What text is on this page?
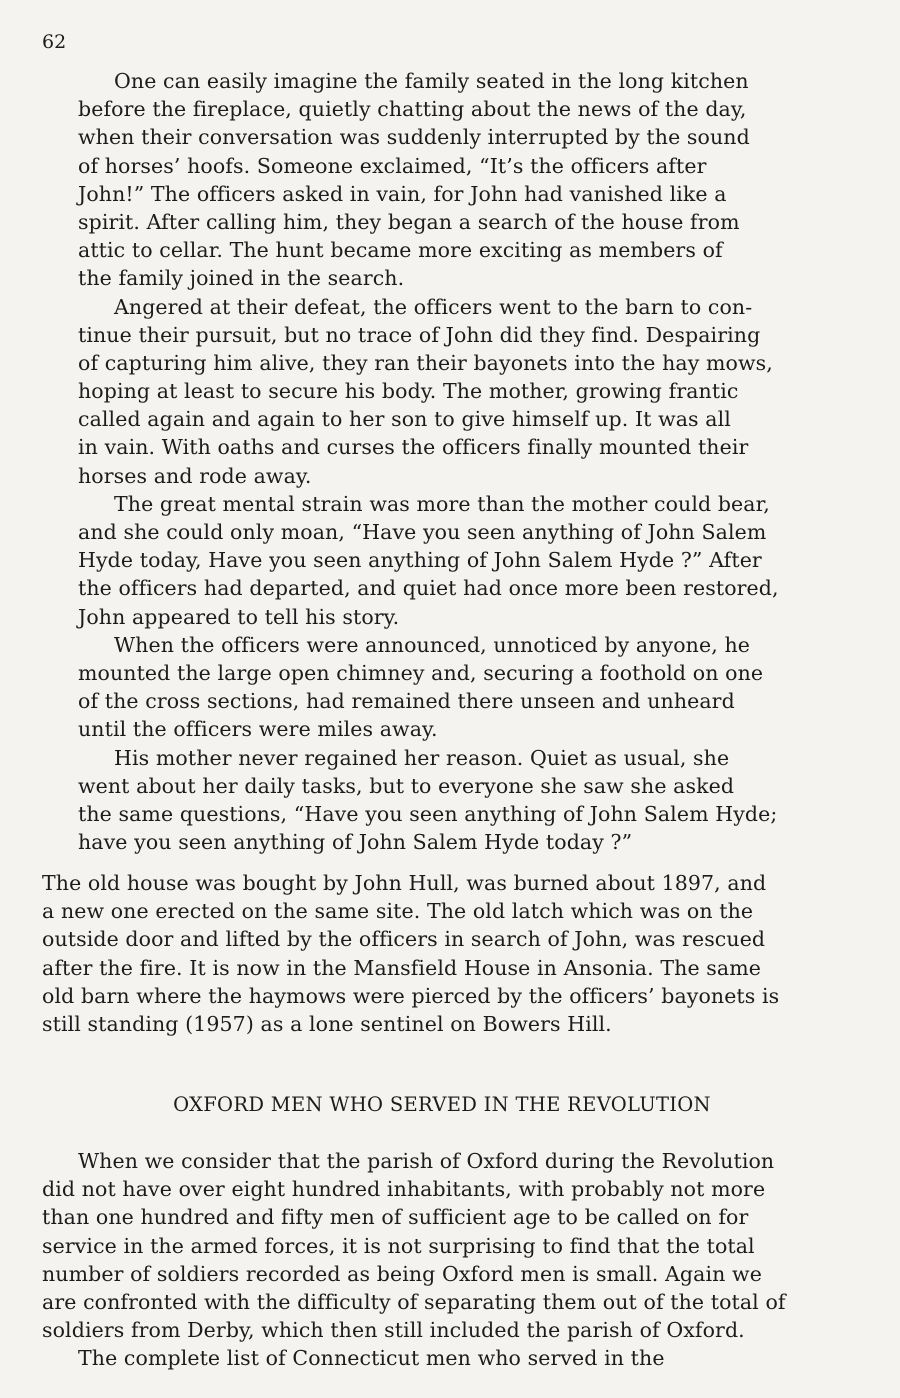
62
One can easily imagine the family seated in the long kitchen
before the fireplace, quietly chatting about the news of the day,
when their conversation was suddenly interrupted by the sound
of horses’ hoofs. Someone exclaimed, “It’s the officers after
John!” The officers asked in vain, for John had vanished like a
spirit. After calling him, they began a search of the house from
attic to cellar. The hunt became more exciting as members of
the family joined in the search.
Angered at their defeat, the officers went to the barn to con-
tinue their pursuit, but no trace of John did they find. Despairing
of capturing him alive, they ran their bayonets into the hay mows,
hoping at least to secure his body. The mother, growing frantic
called again and again to her son to give himself up. It was all
in vain. With oaths and curses the officers finally mounted their
horses and rode away.
The great mental strain was more than the mother could bear,
and she could only moan, “Have you seen anything of John Salem
Hyde today, Have you seen anything of John Salem Hyde ?” After
the officers had departed, and quiet had once more been restored,
John appeared to tell his story.
When the officers were announced, unnoticed by anyone, he
mounted the large open chimney and, securing a foothold on one
of the cross sections, had remained there unseen and unheard
until the officers were miles away.
His mother never regained her reason. Quiet as usual, she
went about her daily tasks, but to everyone she saw she asked
the same questions, “Have you seen anything of John Salem Hyde;
have you seen anything of John Salem Hyde today ?”
The old house was bought by John Hull, was burned about 1897, and
a new one erected on the same site. The old latch which was on the
outside door and lifted by the officers in search of John, was rescued
after the fire. It is now in the Mansfield House in Ansonia. The same
old barn where the haymows were pierced by the officers’ bayonets is
still standing (1957) as a lone sentinel on Bowers Hill.
OXFORD MEN WHO SERVED IN THE REVOLUTION
When we consider that the parish of Oxford during the Revolution
did not have over eight hundred inhabitants, with probably not more
than one hundred and fifty men of sufficient age to be called on for
service in the armed forces, it is not surprising to find that the total
number of soldiers recorded as being Oxford men is small. Again we
are confronted with the difficulty of separating them out of the total of
soldiers from Derby, which then still included the parish of Oxford.
The complete list of Connecticut men who served in the
